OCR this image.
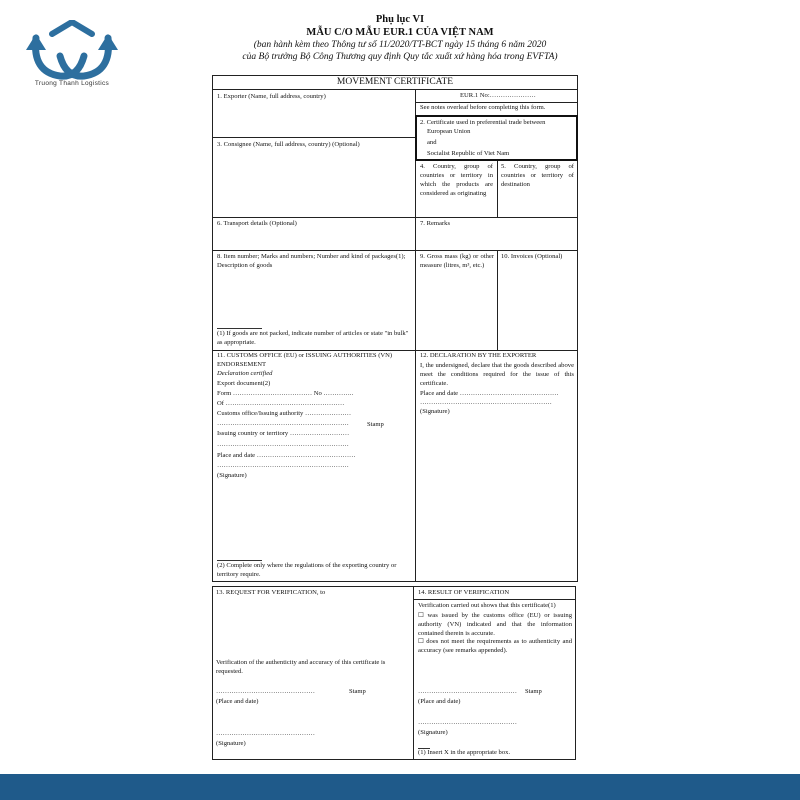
Truong Thanh Logistics
Phụ lục VI
MẪU C/O MẪU EUR.1 CỦA VIỆT NAM
(ban hành kèm theo Thông tư số 11/2020/TT-BCT ngày 15 tháng 6 năm 2020
của Bộ trưởng Bộ Công Thương quy định Quy tắc xuất xứ hàng hóa trong EVFTA)
MOVEMENT CERTIFICATE
1. Exporter (Name, full address, country)	EUR.1 No:…………………
See notes overleaf before completing this form.
2. Certificate used in preferential trade between
European Union
and
Socialist Republic of Viet Nam
3. Consignee (Name, full address, country) (Optional)
4. Country, group of countries or territory in which the products are considered as originating
5. Country, group of countries or territory of destination
6. Transport details (Optional)	7. Remarks
8. Item number; Marks and numbers; Number and kind of packages(1); Description of goods
9. Gross mass (kg) or other measure (litres, m³, etc.)
10. Invoices (Optional)
(1) If goods are not packed, indicate number of articles or state "in bulk" as appropriate.
11. CUSTOMS OFFICE (EU) or ISSUING AUTHORITIES (VN) ENDORSEMENT
Declaration certified
Export document(2)
Form ……………………………… No …………..
Of ………………………………………………
Customs office/Issuing authority …………………
……………………………………………………	Stamp
Issuing country or territory ………………………
……………………………………………………
Place and date ………………………………………
……………………………………………………
(Signature)
(2) Complete only where the regulations of the exporting country or territory require.
12. DECLARATION BY THE EXPORTER
I, the undersigned, declare that the goods described above meet the conditions required for the issue of this certificate.
Place and date ………………………………………
……………………………………………………
(Signature)
13. REQUEST FOR VERIFICATION, to
Verification of the authenticity and accuracy of this certificate is requested.
………………………………………	Stamp
(Place and date)
………………………………………
(Signature)
14. RESULT OF VERIFICATION
Verification carried out shows that this certificate(1)
☐ was issued by the customs office (EU) or issuing authority (VN) indicated and that the information contained therein is accurate.
☐ does not meet the requirements as to authenticity and accuracy (see remarks appended).
……………………………………… Stamp
(Place and date)
………………………………………
(Signature)
(1) Insert X in the appropriate box.
